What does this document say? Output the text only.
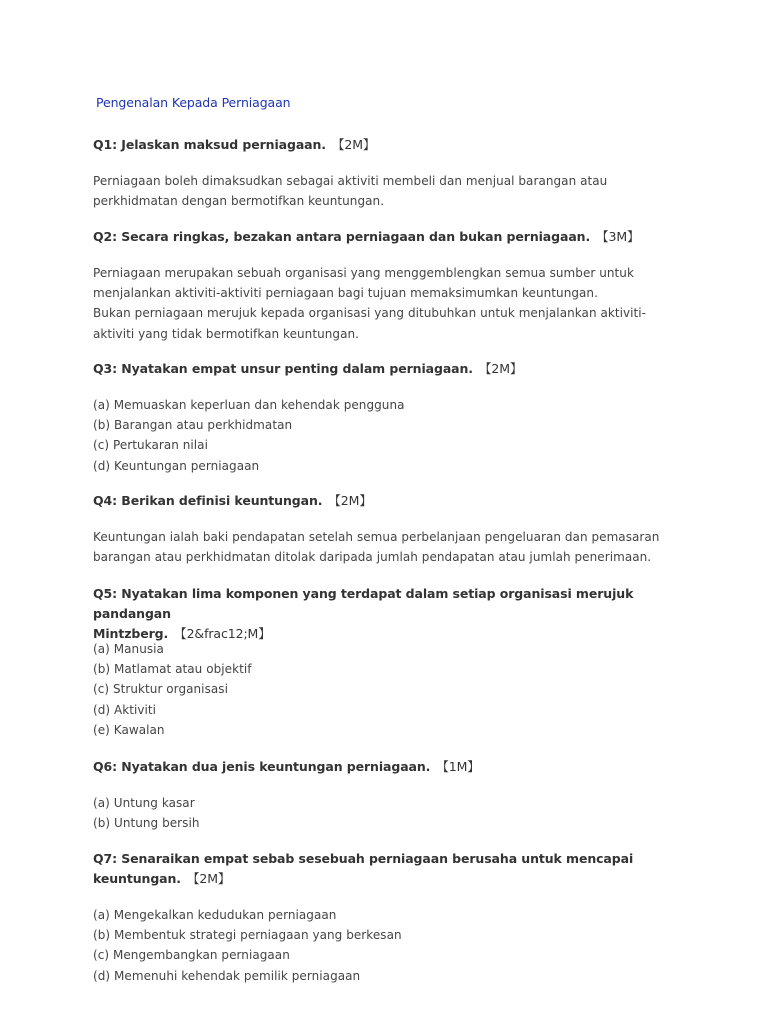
Pengenalan Kepada Perniagaan
Q1: Jelaskan maksud perniagaan. 【2M】
Perniagaan boleh dimaksudkan sebagai aktiviti membeli dan menjual barangan atau
perkhidmatan dengan bermotifkan keuntungan.
Q2: Secara ringkas, bezakan antara perniagaan dan bukan perniagaan. 【3M】
Perniagaan merupakan sebuah organisasi yang menggemblengkan semua sumber untuk
menjalankan aktiviti-aktiviti perniagaan bagi tujuan memaksimumkan keuntungan.
Bukan perniagaan merujuk kepada organisasi yang ditubuhkan untuk menjalankan aktiviti-
aktiviti yang tidak bermotifkan keuntungan.
Q3: Nyatakan empat unsur penting dalam perniagaan. 【2M】
(a) Memuaskan keperluan dan kehendak pengguna
(b) Barangan atau perkhidmatan
(c) Pertukaran nilai
(d) Keuntungan perniagaan
Q4: Berikan definisi keuntungan. 【2M】
Keuntungan ialah baki pendapatan setelah semua perbelanjaan pengeluaran dan pemasaran
barangan atau perkhidmatan ditolak daripada jumlah pendapatan atau jumlah penerimaan.
Q5: Nyatakan lima komponen yang terdapat dalam setiap organisasi merujuk pandangan
Mintzberg. 【2&frac12;M】
(a) Manusia
(b) Matlamat atau objektif
(c) Struktur organisasi
(d) Aktiviti
(e) Kawalan
Q6: Nyatakan dua jenis keuntungan perniagaan. 【1M】
(a) Untung kasar
(b) Untung bersih
Q7: Senaraikan empat sebab sesebuah perniagaan berusaha untuk mencapai
keuntungan. 【2M】
(a) Mengekalkan kedudukan perniagaan
(b) Membentuk strategi perniagaan yang berkesan
(c) Mengembangkan perniagaan
(d) Memenuhi kehendak pemilik perniagaan
